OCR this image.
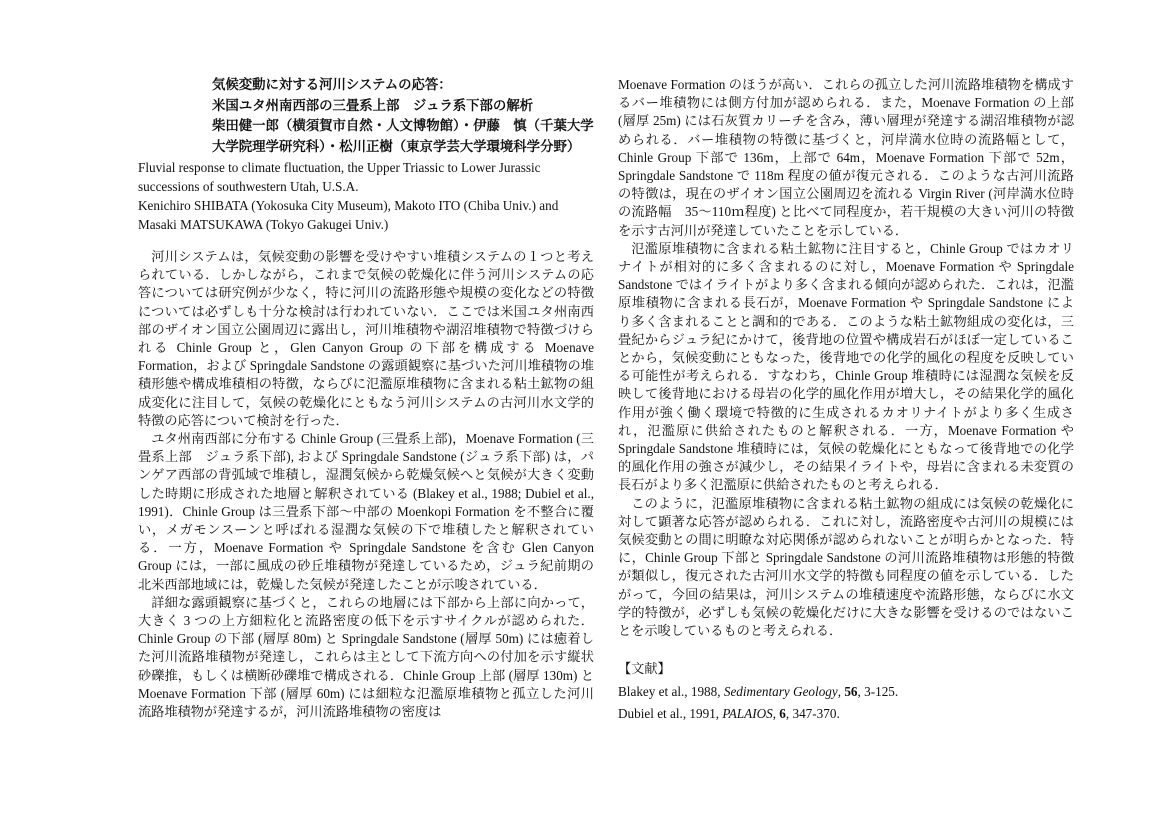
気候変動に対する河川システムの応答：
米国ユタ州南西部の三畳系上部　ジュラ系下部の解析
柴田健一郎（横須賀市自然・人文博物館）・伊藤　慎（千葉大学
大学院理学研究科）・松川正樹（東京学芸大学環境科学分野）
Fluvial response to climate fluctuation, the Upper Triassic to Lower Jurassic successions of southwestern Utah, U.S.A.
Kenichiro SHIBATA (Yokosuka City Museum), Makoto ITO (Chiba Univ.) and Masaki MATSUKAWA (Tokyo Gakugei Univ.)

河川システムは，気候変動の影響を受けやすい堆積システムの１つと考えられている．しかしながら，これまで気候の乾燥化に伴う河川システムの応答については研究例が少なく，特に河川の流路形態や規模の変化などの特徴については必ずしも十分な検討は行われていない．ここでは米国ユタ州南西部のザイオン国立公園周辺に露出し，河川堆積物や湖沼堆積物で特徴づけられる Chinle Group と，Glen Canyon Group の下部を構成する Moenave Formation，および Springdale Sandstone の露頭観察に基づいた河川堆積物の堆積形態や構成堆積相の特徴，ならびに氾濫原堆積物に含まれる粘土鉱物の組成変化に注目して，気候の乾燥化にともなう河川システムの古河川水文学的特徴の応答について検討を行った．

ユタ州南西部に分布する Chinle Group (三畳系上部)，Moenave Formation (三畳系上部　ジュラ系下部), および Springdale Sandstone (ジュラ系下部) は，パンゲア西部の背弧域で堆積し，湿潤気候から乾燥気候へと気候が大きく変動した時期に形成された地層と解釈されている (Blakey et al., 1988; Dubiel et al., 1991)．Chinle Group は三畳系下部〜中部の Moenkopi Formation を不整合に覆い，メガモンスーンと呼ばれる湿潤な気候の下で堆積したと解釈されている．一方，Moenave Formation や Springdale Sandstone を含む Glen Canyon Group には，一部に風成の砂丘堆積物が発達しているため，ジュラ紀前期の北米西部地域には，乾燥した気候が発達したことが示唆されている．

詳細な露頭観察に基づくと，これらの地層には下部から上部に向かって，大きく 3 つの上方細粒化と流路密度の低下を示すサイクルが認められた．Chinle Group の下部 (層厚 80m) と Springdale Sandstone (層厚 50m) には癒着した河川流路堆積物が発達し，これらは主として下流方向への付加を示す縦状砂礫推，もしくは横断砂礫堆で構成される．Chinle Group 上部 (層厚 130m) と Moenave Formation 下部 (層厚 60m) には細粒な氾濫原堆積物と孤立した河川流路堆積物が発達するが，河川流路堆積物の密度は

Moenave Formation のほうが高い．これらの孤立した河川流路堆積物を構成するバー堆積物には側方付加が認められる．また，Moenave Formation の上部 (層厚 25m) には石灰質カリーチを含み，薄い層理が発達する湖沼堆積物が認められる．バー堆積物の特徴に基づくと，河岸満水位時の流路幅として，Chinle Group 下部で 136m，上部で 64m，Moenave Formation 下部で 52m，Springdale Sandstone で 118m 程度の値が復元される．このような古河川流路の特徴は，現在のザイオン国立公園周辺を流れる Virgin River (河岸満水位時の流路幅　35〜110ｍ程度) と比べて同程度か，若干規模の大きい河川の特徴を示す古河川が発達していたことを示している．

氾濫原堆積物に含まれる粘土鉱物に注目すると，Chinle Group ではカオリナイトが相対的に多く含まれるのに対し，Moenave Formation や Springdale Sandstone ではイライトがより多く含まれる傾向が認められた．これは，氾濫原堆積物に含まれる長石が，Moenave Formation や Springdale Sandstone により多く含まれることと調和的である．このような粘土鉱物組成の変化は，三畳紀からジュラ紀にかけて，後背地の位置や構成岩石がほぼ一定していることから，気候変動にともなった，後背地での化学的風化の程度を反映している可能性が考えられる．すなわち，Chinle Group 堆積時には湿潤な気候を反映して後背地における母岩の化学的風化作用が増大し，その結果化学的風化作用が強く働く環境で特徴的に生成されるカオリナイトがより多く生成され，氾濫原に供給されたものと解釈される．一方，Moenave Formation や Springdale Sandstone 堆積時には，気候の乾燥化にともなって後背地での化学的風化作用の強さが減少し，その結果イライトや，母岩に含まれる未変質の長石がより多く氾濫原に供給されたものと考えられる．

このように，氾濫原堆積物に含まれる粘土鉱物の組成には気候の乾燥化に対して顕著な応答が認められる．これに対し，流路密度や古河川の規模には気候変動との間に明瞭な対応関係が認められないことが明らかとなった．特に，Chinle Group 下部と Springdale Sandstone の河川流路堆積物は形態的特徴が類似し，復元された古河川水文学的特徴も同程度の値を示している．したがって，今回の結果は，河川システムの堆積速度や流路形態，ならびに水文学的特徴が，必ずしも気候の乾燥化だけに大きな影響を受けるのではないことを示唆しているものと考えられる．

【文献】
Blakey et al., 1988, Sedimentary Geology, 56, 3-125.
Dubiel et al., 1991, PALAIOS, 6, 347-370.
